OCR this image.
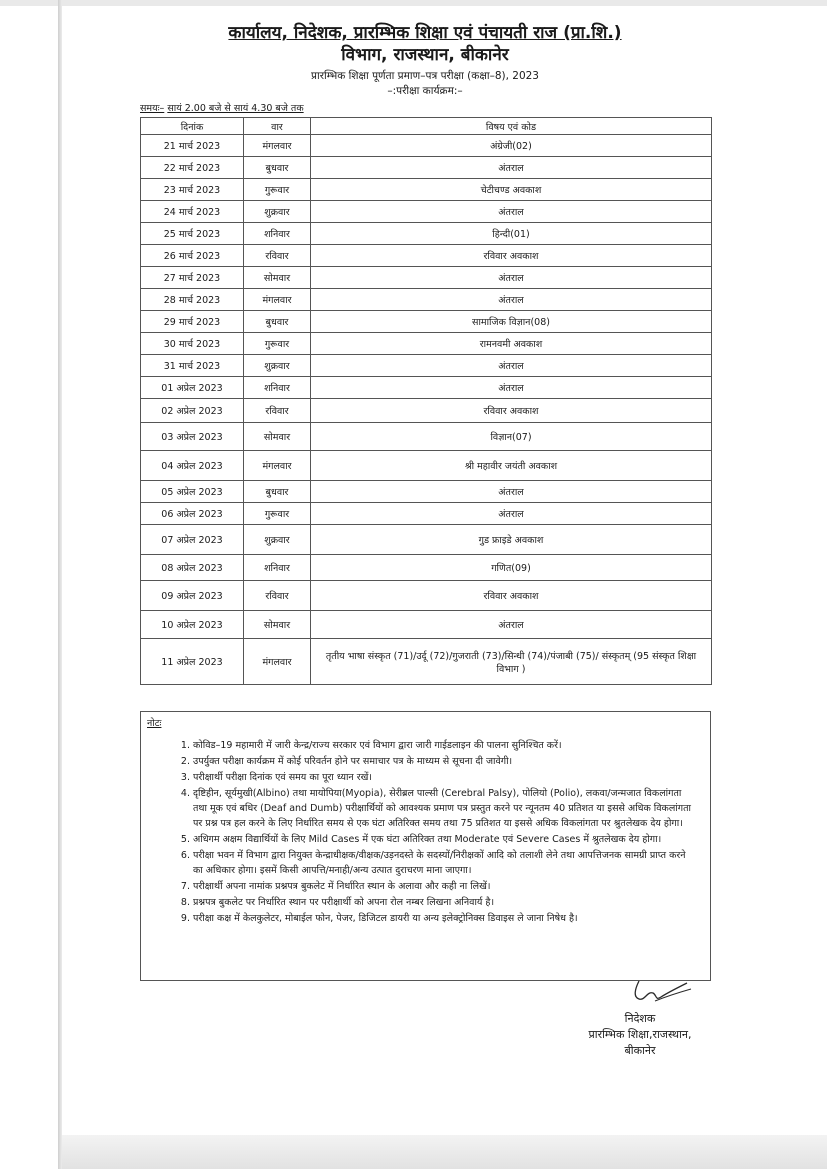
कार्यालय, निदेशक, प्रारम्भिक शिक्षा एवं पंचायती राज (प्रा.शि.)

विभाग, राजस्थान, बीकानेर

प्रारम्भिक शिक्षा पूर्णता प्रमाण–पत्र परीक्षा (कक्षा–8), 2023

–:परीक्षा कार्यक्रम:–

समयः– सायं 2.00 बजे से सायं 4.30 बजे तक
दिनांक	वार	विषय एवं कोड
21 मार्च 2023	मंगलवार	अंग्रेजी(02)
22 मार्च 2023	बुधवार	अंतराल
23 मार्च 2023	गुरूवार	चेटीचण्ड अवकाश
24 मार्च 2023	शुक्रवार	अंतराल
25 मार्च 2023	शनिवार	हिन्दी(01)
26 मार्च 2023	रविवार	रविवार अवकाश
27 मार्च 2023	सोमवार	अंतराल
28 मार्च 2023	मंगलवार	अंतराल
29 मार्च 2023	बुधवार	सामाजिक विज्ञान(08)
30 मार्च 2023	गुरूवार	रामनवमी अवकाश
31 मार्च 2023	शुक्रवार	अंतराल
01 अप्रेल 2023	शनिवार	अंतराल
02 अप्रेल 2023	रविवार	रविवार अवकाश
03 अप्रेल 2023	सोमवार	विज्ञान(07)
04 अप्रेल 2023	मंगलवार	श्री महावीर जयंती अवकाश
05 अप्रेल 2023	बुधवार	अंतराल
06 अप्रेल 2023	गुरूवार	अंतराल
07 अप्रेल 2023	शुक्रवार	गुड फ्राइडे अवकाश
08 अप्रेल 2023	शनिवार	गणित(09)
09 अप्रेल 2023	रविवार	रविवार अवकाश
10 अप्रेल 2023	सोमवार	अंतराल
11 अप्रेल 2023	मंगलवार	तृतीय भाषा संस्कृत (71)/उर्दू (72)/गुजराती (73)/सिन्धी (74)/पंजाबी (75)/ संस्कृतम् (95 संस्कृत शिक्षा विभाग )
नोटः
1. कोविड–19 महामारी में जारी केन्द्र/राज्य सरकार एवं विभाग द्वारा जारी गाईडलाइन की पालना सुनिश्चित करें।
2. उपर्युक्त परीक्षा कार्यक्रम में कोई परिवर्तन होने पर समाचार पत्र के माध्यम से सूचना दी जावेगी।
3. परीक्षार्थी परीक्षा दिनांक एवं समय का पूरा ध्यान रखें।
4. दृष्टिहीन, सूर्यमुखी(Albino) तथा मायोपिया(Myopia), सेरीब्रल पाल्सी (Cerebral Palsy), पोलियो (Polio), लकवा/जन्मजात विकलांगता तथा मूक एवं बधिर (Deaf and Dumb) परीक्षार्थियों को आवश्यक प्रमाण पत्र प्रस्तुत करने पर न्यूनतम 40 प्रतिशत या इससे अधिक विकलांगता पर प्रश्न पत्र हल करने के लिए निर्धारित समय से एक घंटा अतिरिक्त समय तथा 75 प्रतिशत या इससे अधिक विकलांगता पर श्रुतलेखक देय होगा।
5. अधिगम अक्षम विद्यार्थियों के लिए Mild Cases में एक घंटा अतिरिक्त तथा Moderate एवं Severe Cases में श्रुतलेखक देय होगा।
6. परीक्षा भवन में विभाग द्वारा नियुक्त केन्द्राधीक्षक/वीक्षक/उड़नदस्ते के सदस्यों/निरीक्षकों आदि को तलाशी लेने तथा आपत्तिजनक सामग्री प्राप्त करने का अधिकार होगा। इसमें किसी आपत्ति/मनाही/अन्य उत्पात दुराचरण माना जाएगा।
7. परीक्षार्थी अपना नामांक प्रश्नपत्र बुकलेट में निर्धारित स्थान के अलावा और कही ना लिखें।
8. प्रश्नपत्र बुकलेट पर निर्धारित स्थान पर परीक्षार्थी को अपना रोल नम्बर लिखना अनिवार्य है।
9. परीक्षा कक्ष में केलकुलेटर, मोबाईल फोन, पेजर, डिजिटल डायरी या अन्य इलेक्ट्रोनिक्स डिवाइस ले जाना निषेध है।
निदेशक
प्रारम्भिक शिक्षा,राजस्थान,
बीकानेर
